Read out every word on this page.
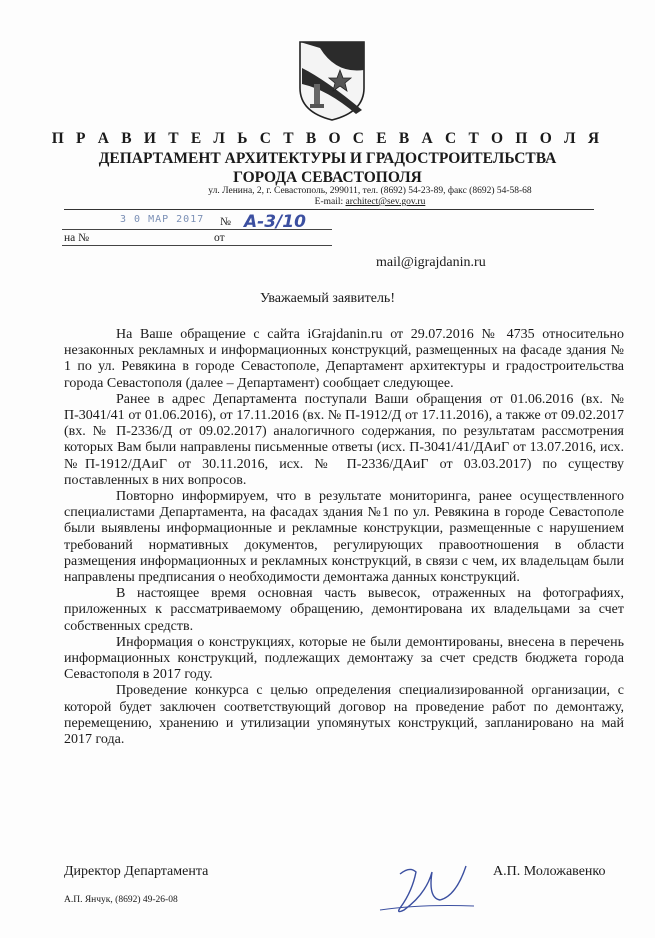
П Р А В И Т Е Л Ь С Т В О С Е В А С Т О П О Л Я
ДЕПАРТАМЕНТ АРХИТЕКТУРЫ И ГРАДОСТРОИТЕЛЬСТВА
ГОРОДА СЕВАСТОПОЛЯ
ул. Ленина, 2, г. Севастополь, 299011, тел. (8692) 54-23-89, факс (8692) 54-58-68
E-mail: architect@sev.gov.ru
3 0 МАР 2017 № А-3/10
на №	от
mail@igrajdanin.ru
Уважаемый заявитель!

На Ваше обращение с сайта iGrajdanin.ru от 29.07.2016 № 4735 относительно незаконных рекламных и информационных конструкций, размещенных на фасаде здания № 1 по ул. Ревякина в городе Севастополе, Департамент архитектуры и градостроительства города Севастополя (далее – Департамент) сообщает следующее.

Ранее в адрес Департамента поступали Ваши обращения от 01.06.2016 (вх. № П-3041/41 от 01.06.2016), от 17.11.2016 (вх. № П-1912/Д от 17.11.2016), а также от 09.02.2017 (вх. № П-2336/Д от 09.02.2017) аналогичного содержания, по результатам рассмотрения которых Вам были направлены письменные ответы (исх. П-3041/41/ДАиГ от 13.07.2016, исх. №П-1912/ДАиГ от 30.11.2016, исх. № П-2336/ДАиГ от 03.03.2017) по существу поставленных в них вопросов.

Повторно информируем, что в результате мониторинга, ранее осуществленного специалистами Департамента, на фасадах здания №1 по ул. Ревякина в городе Севастополе были выявлены информационные и рекламные конструкции, размещенные с нарушением требований нормативных документов, регулирующих правоотношения в области размещения информационных и рекламных конструкций, в связи с чем, их владельцам были направлены предписания о необходимости демонтажа данных конструкций.

В настоящее время основная часть вывесок, отраженных на фотографиях, приложенных к рассматриваемому обращению, демонтирована их владельцами за счет собственных средств.

Информация о конструкциях, которые не были демонтированы, внесена в перечень информационных конструкций, подлежащих демонтажу за счет средств бюджета города Севастополя в 2017 году.

Проведение конкурса с целью определения специализированной организации, с которой будет заключен соответствующий договор на проведение работ по демонтажу, перемещению, хранению и утилизации упомянутых конструкций, запланировано на май 2017 года.

Директор Департамента	А.П. Моложавенко
А.П. Янчук, (8692) 49-26-08
